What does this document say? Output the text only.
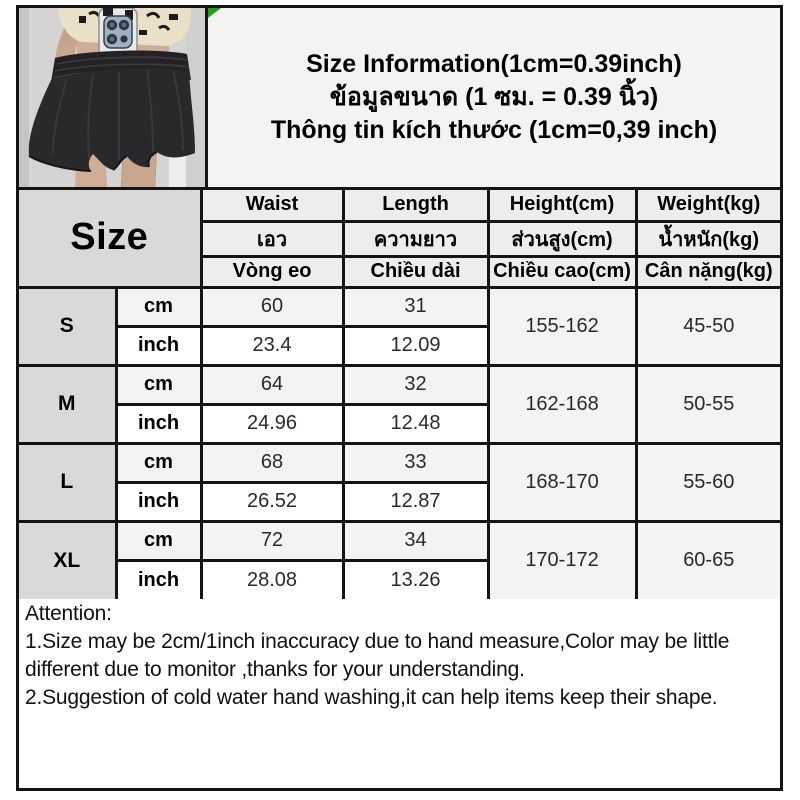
Size Information(1cm=0.39inch)
ข้อมูลขนาด (1 ซม. = 0.39 นิ้ว)
Thông tin kích thước (1cm=0,39 inch)
Size		Waist	Length	Height(cm)	Weight(kg)
		เอว	ความยาว	ส่วนสูง(cm)	น้ำหนัก(kg)
		Vòng eo	Chiều dài	Chiều cao(cm)	Cân nặng(kg)
S	cm	60	31	155-162	45-50
	inch	23.4	12.09		
M	cm	64	32	162-168	50-55
	inch	24.96	12.48		
L	cm	68	33	168-170	55-60
	inch	26.52	12.87		
XL	cm	72	34	170-172	60-65
	inch	28.08	13.26		

Attention:

1.Size may be 2cm/1inch inaccuracy due to hand measure,Color may be little different due to monitor ,thanks for your understanding.

2.Suggestion of cold water hand washing,it can help items keep their shape.
